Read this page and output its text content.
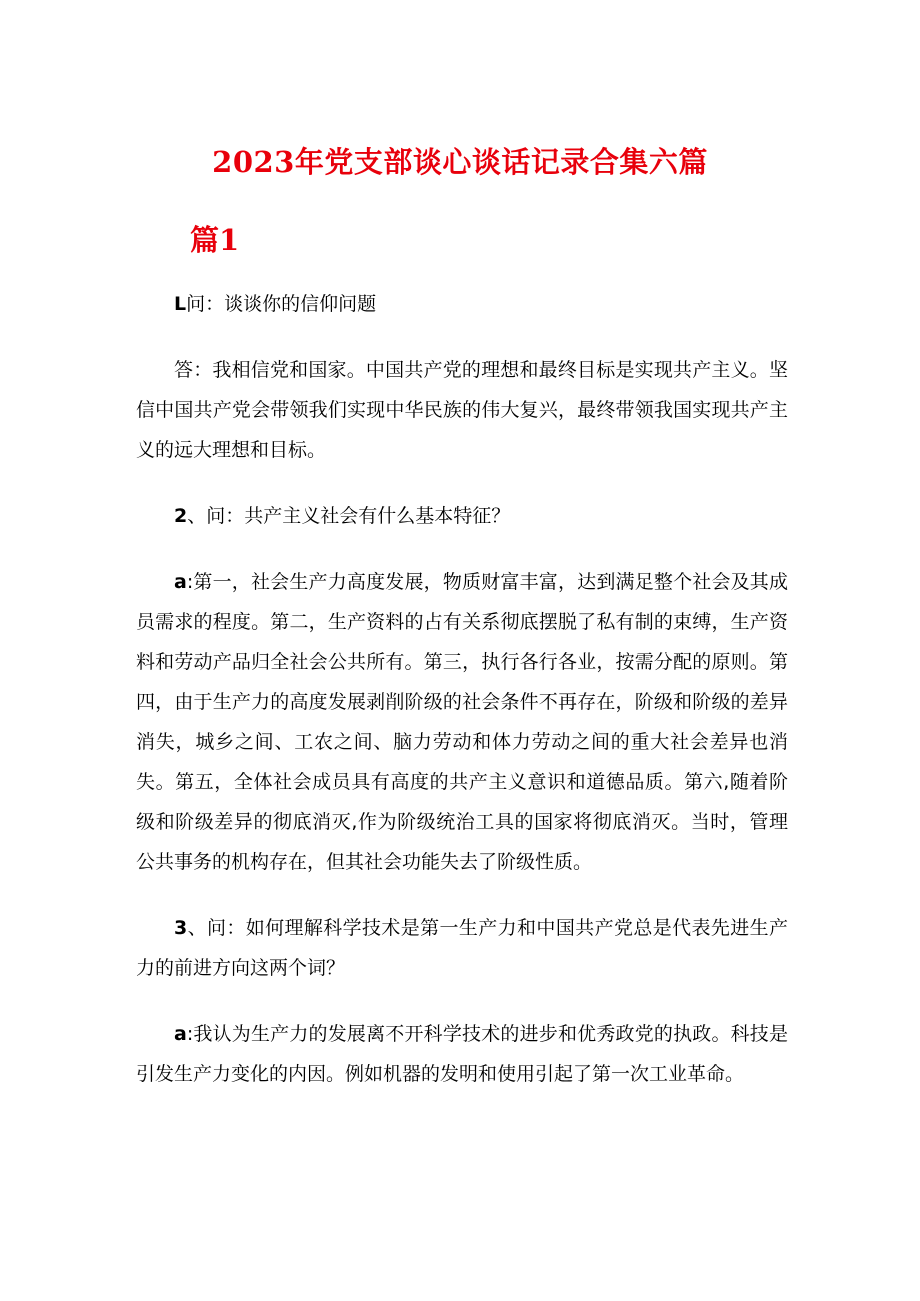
2023年党支部谈心谈话记录合集六篇
篇1

L问：谈谈你的信仰问题

答：我相信党和国家。中国共产党的理想和最终目标是实现共产主义。坚信中国共产党会带领我们实现中华民族的伟大复兴，最终带领我国实现共产主义的远大理想和目标。

2、问：共产主义社会有什么基本特征？

a:第一，社会生产力高度发展，物质财富丰富，达到满足整个社会及其成员需求的程度。第二，生产资料的占有关系彻底摆脱了私有制的束缚，生产资料和劳动产品归全社会公共所有。第三，执行各行各业，按需分配的原则。第四，由于生产力的高度发展剥削阶级的社会条件不再存在，阶级和阶级的差异消失，城乡之间、工农之间、脑力劳动和体力劳动之间的重大社会差异也消失。第五，全体社会成员具有高度的共产主义意识和道德品质。第六,随着阶级和阶级差异的彻底消灭,作为阶级统治工具的国家将彻底消灭。当时，管理公共事务的机构存在，但其社会功能失去了阶级性质。

3、问：如何理解科学技术是第一生产力和中国共产党总是代表先进生产力的前进方向这两个词？

a:我认为生产力的发展离不开科学技术的进步和优秀政党的执政。科技是引发生产力变化的内因。例如机器的发明和使用引起了第一次工业革命。
